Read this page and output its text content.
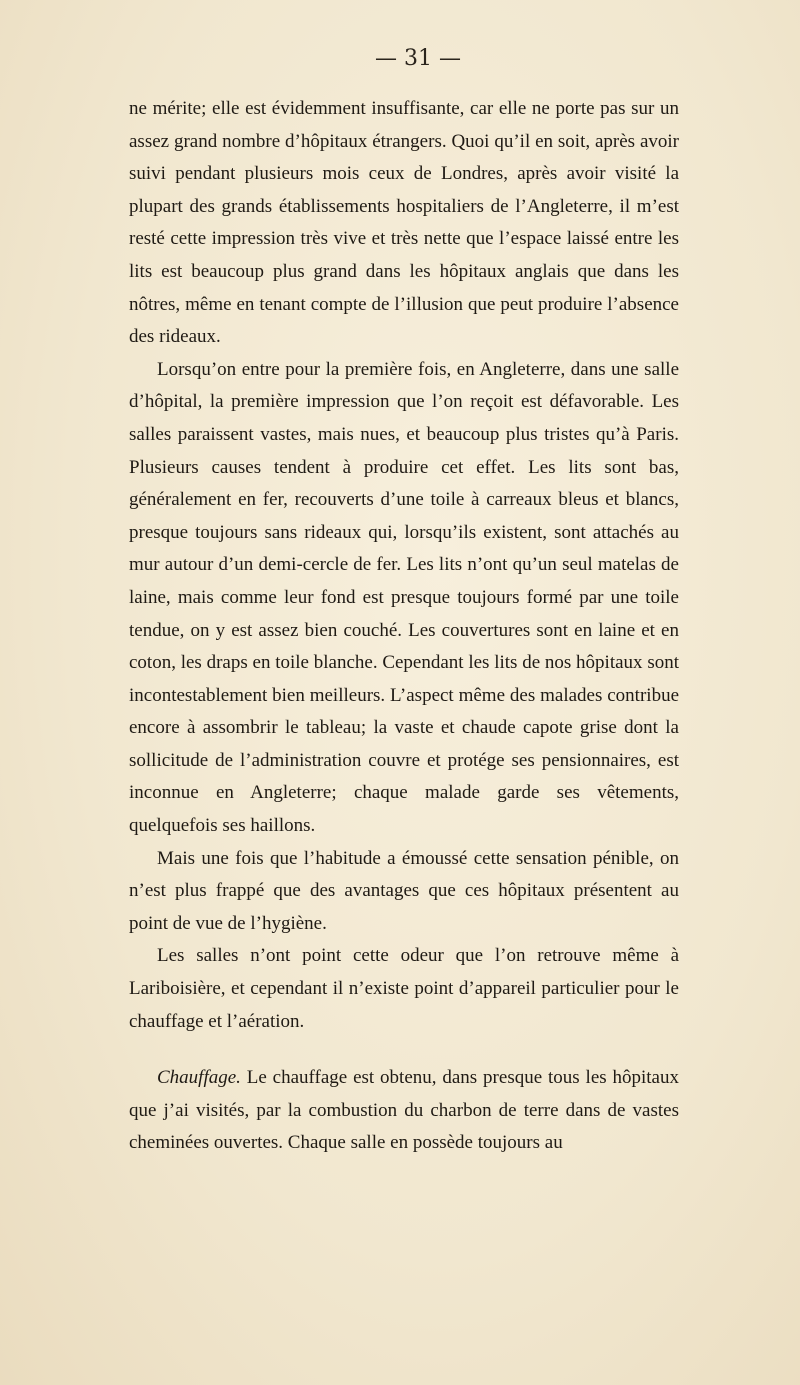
— 31 —

ne mérite; elle est évidemment insuffisante, car elle ne porte pas sur un assez grand nombre d’hôpitaux étrangers. Quoi qu’il en soit, après avoir suivi pendant plusieurs mois ceux de Londres, après avoir visité la plupart des grands établissements hospitaliers de l’Angleterre, il m’est resté cette impression très vive et très nette que l’espace laissé entre les lits est beaucoup plus grand dans les hôpitaux anglais que dans les nôtres, même en tenant compte de l’illusion que peut produire l’absence des rideaux.

Lorsqu’on entre pour la première fois, en Angleterre, dans une salle d’hôpital, la première impression que l’on reçoit est défavorable. Les salles paraissent vastes, mais nues, et beaucoup plus tristes qu’à Paris. Plusieurs causes tendent à produire cet effet. Les lits sont bas, généralement en fer, recouverts d’une toile à carreaux bleus et blancs, presque toujours sans rideaux qui, lorsqu’ils existent, sont attachés au mur autour d’un demi-cercle de fer. Les lits n’ont qu’un seul matelas de laine, mais comme leur fond est presque toujours formé par une toile tendue, on y est assez bien couché. Les couvertures sont en laine et en coton, les draps en toile blanche. Cependant les lits de nos hôpitaux sont incontestablement bien meilleurs. L’aspect même des malades contribue encore à assombrir le tableau; la vaste et chaude capote grise dont la sollicitude de l’administration couvre et protége ses pensionnaires, est inconnue en Angleterre; chaque malade garde ses vêtements, quelquefois ses haillons.

Mais une fois que l’habitude a émoussé cette sensation pénible, on n’est plus frappé que des avantages que ces hôpitaux présentent au point de vue de l’hygiène.

Les salles n’ont point cette odeur que l’on retrouve même à Lariboisière, et cependant il n’existe point d’appareil particulier pour le chauffage et l’aération.

Chauffage. Le chauffage est obtenu, dans presque tous les hôpitaux que j’ai visités, par la combustion du charbon de terre dans de vastes cheminées ouvertes. Chaque salle en possède toujours au
